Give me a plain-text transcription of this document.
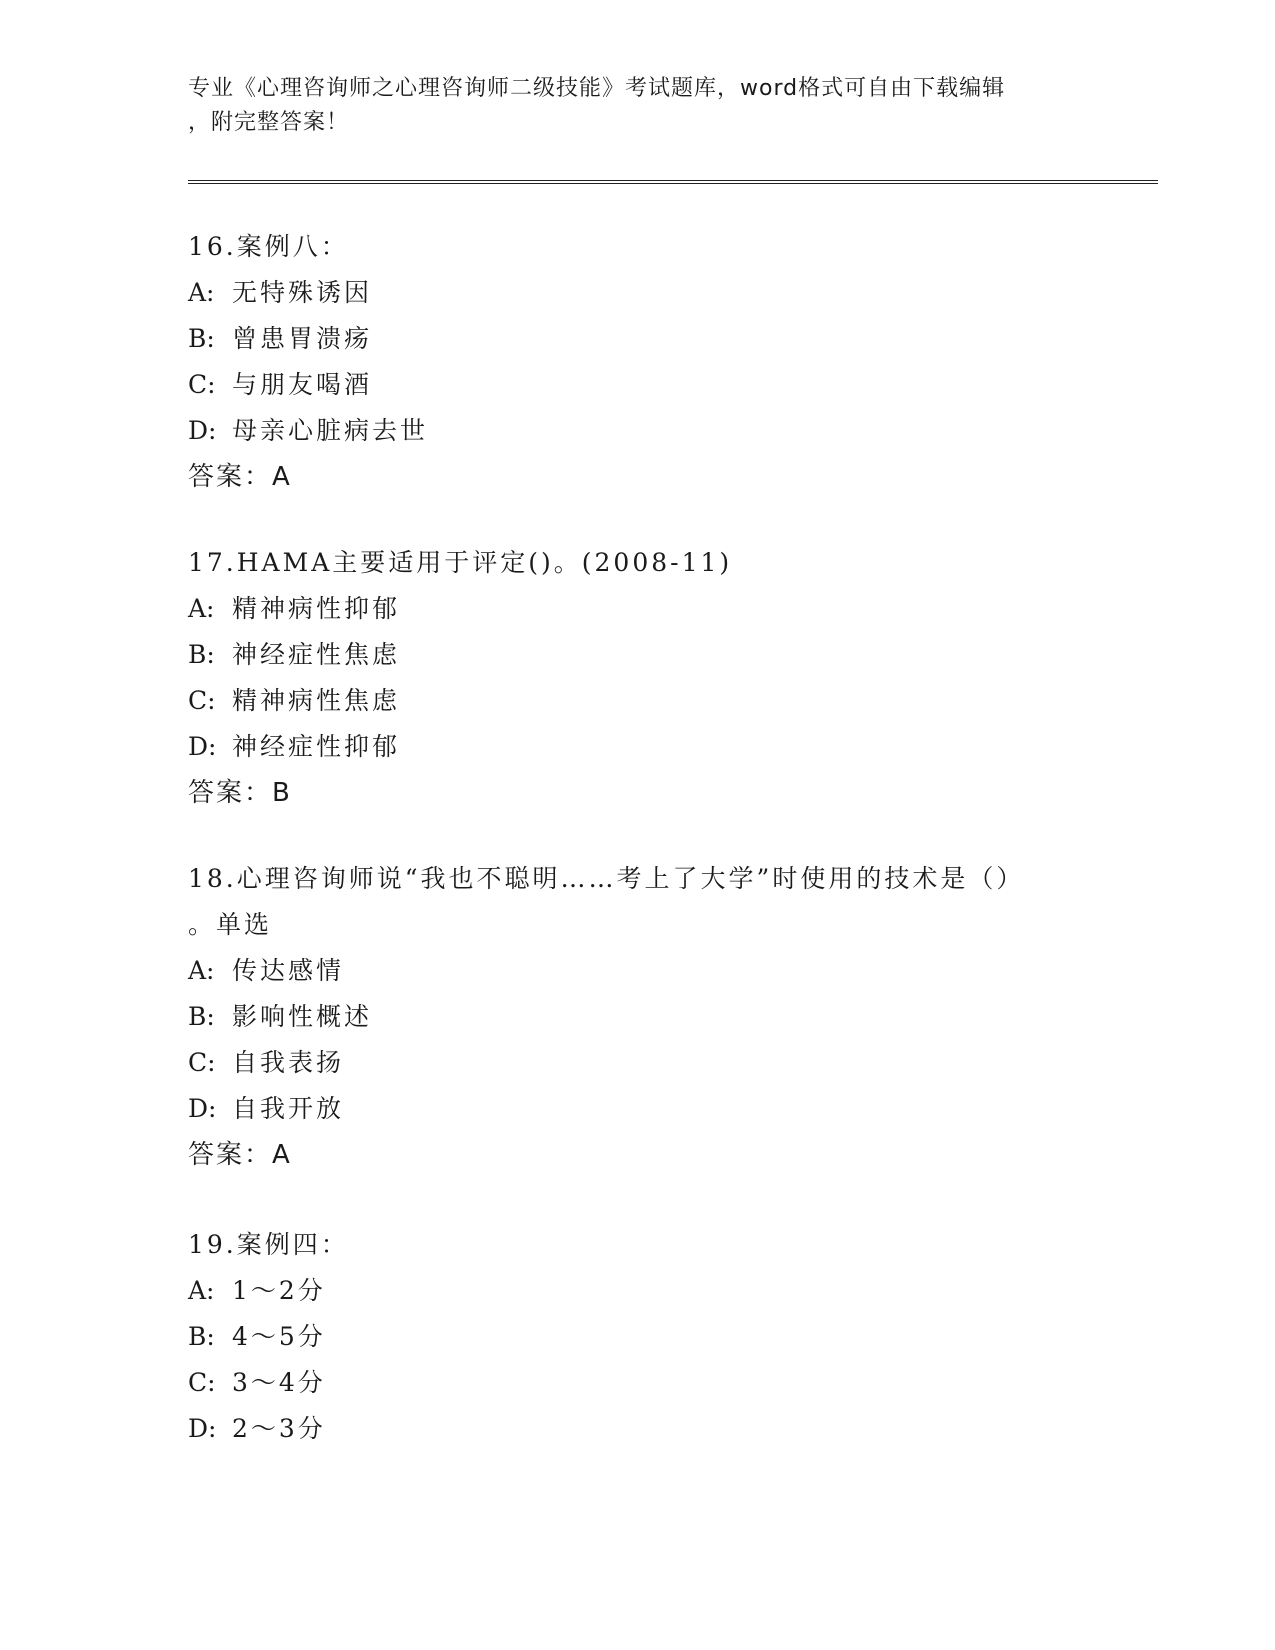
专业《心理咨询师之心理咨询师二级技能》考试题库，word格式可自由下载编辑
，附完整答案！
16.案例八：
A: 无特殊诱因
B: 曾患胃溃疡
C: 与朋友喝酒
D: 母亲心脏病去世
答案：A
17.HAMA主要适用于评定()。(2008-11)
A: 精神病性抑郁
B: 神经症性焦虑
C: 精神病性焦虑
D: 神经症性抑郁
答案：B
18.心理咨询师说“我也不聪明……考上了大学”时使用的技术是（）
。单选
A: 传达感情
B: 影响性概述
C: 自我表扬
D: 自我开放
答案：A
19.案例四：
A: 1～2分
B: 4～5分
C: 3～4分
D: 2～3分
